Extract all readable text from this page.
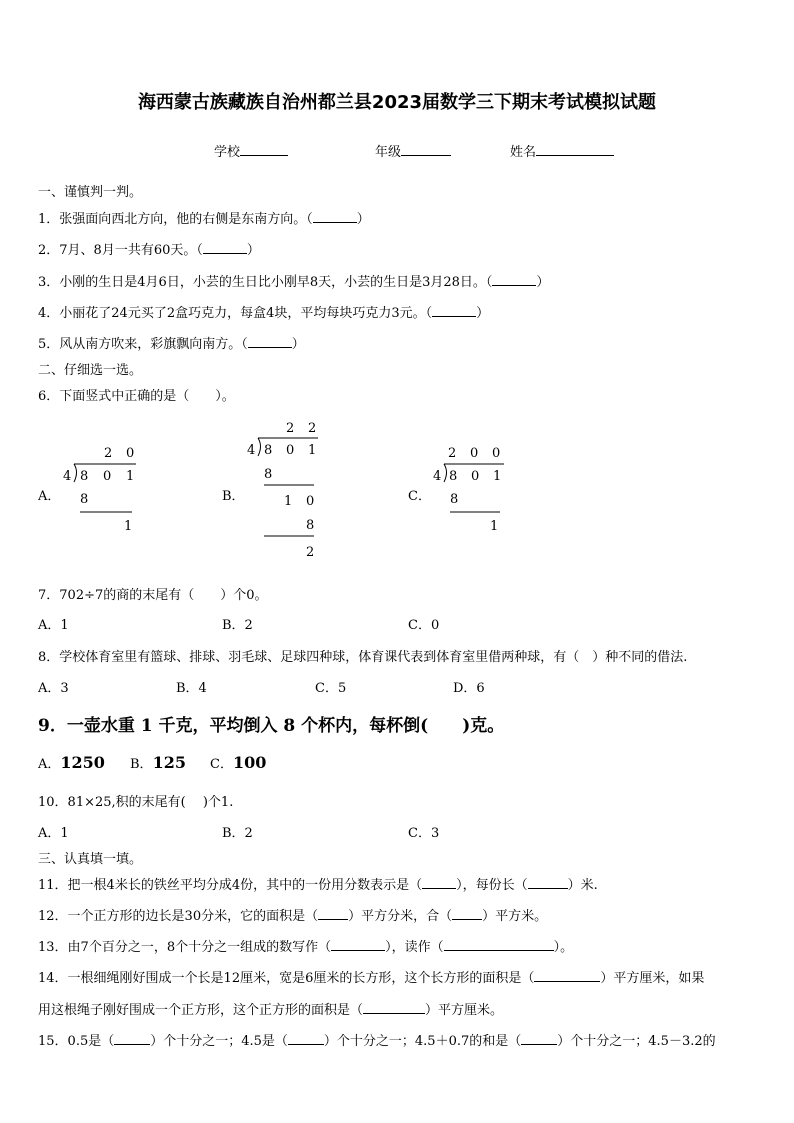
海西蒙古族藏族自治州都兰县2023届数学三下期末考试模拟试题
学校	年级	姓名
一、谨慎判一判。
1．张强面向西北方向，他的右侧是东南方向。（	）
2．7月、8月一共有60天。（	）
3．小刚的生日是4月6日，小芸的生日比小刚早8天，小芸的生日是3月28日。（	）
4．小丽花了24元买了2盒巧克力，每盒4块，平均每块巧克力3元。（	）
5．风从南方吹来，彩旗飘向南方。（	）
二、仔细选一选。
6．下面竖式中正确的是（　　）。
A．
2 0
4 8 0 1
8
1
B．
2 2
4 8 0 1
8
1 0
8
2
C．
2 0 0
4 8 0 1
8
1
7．702÷7的商的末尾有（　　）个0。
A．1	B．2	C．0
8．学校体育室里有篮球、排球、羽毛球、足球四种球，体育课代表到体育室里借两种球，有（　）种不同的借法.
A．3	B．4	C．5	D．6
9．一壶水重 1 千克，平均倒入 8 个杯内，每杯倒(　　)克。
A．1250 B．125 C．100
10．81×25,积的末尾有(　 )个1.
A．1	B．2	C．3
三、认真填一填。
11．把一根4米长的铁丝平均分成4份，其中的一份用分数表示是（	），每份长（	）米.
12．一个正方形的边长是30分米，它的面积是（ ）平方分米，合（ ）平方米。
13．由7个百分之一，8个十分之一组成的数写作（	），读作（	）。
14．一根细绳刚好围成一个长是12厘米，宽是6厘米的长方形，这个长方形的面积是（	）平方厘米，如果
用这根绳子刚好围成一个正方形，这个正方形的面积是（	）平方厘米。
15．0.5是（	）个十分之一；4.5是（	）个十分之一；4.5＋0.7的和是（	）个十分之一；4.5－3.2的
